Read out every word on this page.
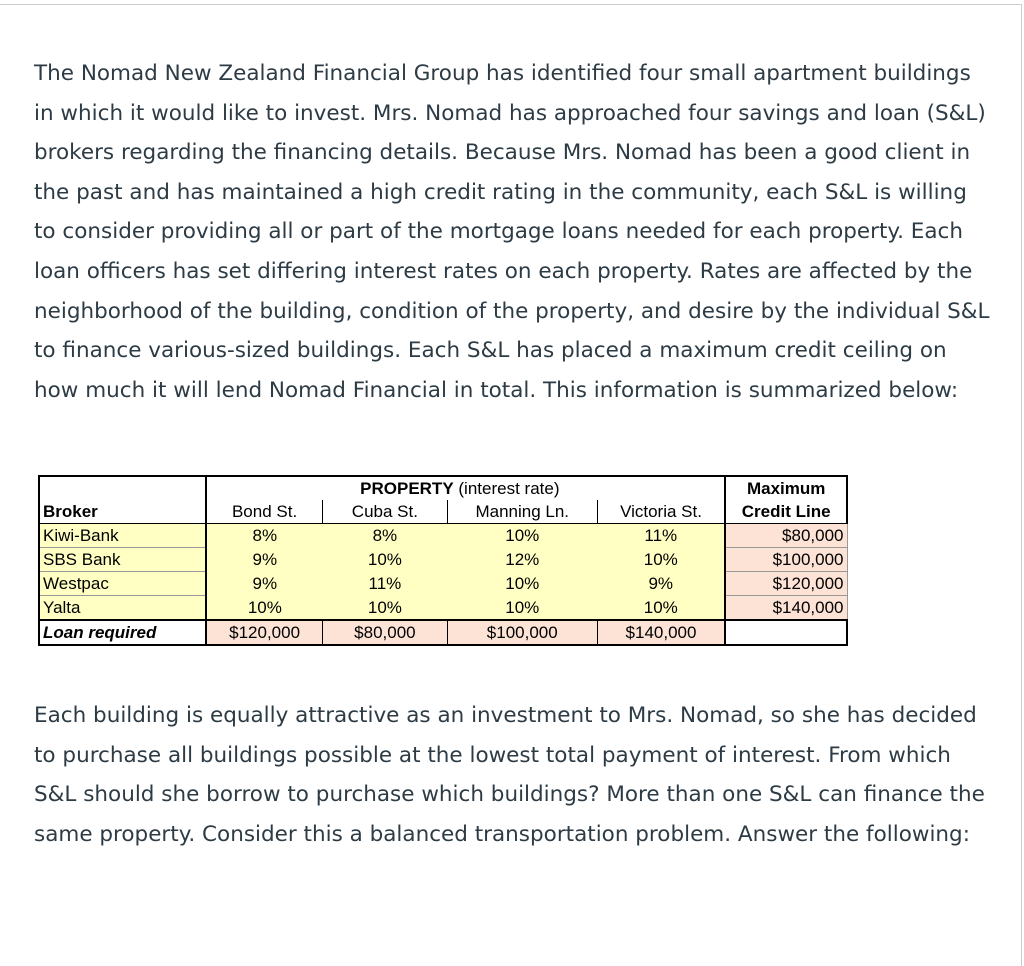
The Nomad New Zealand Financial Group has identified four small apartment buildings in which it would like to invest. Mrs. Nomad has approached four savings and loan (S&L) brokers regarding the financing details. Because Mrs. Nomad has been a good client in the past and has maintained a high credit rating in the community, each S&L is willing to consider providing all or part of the mortgage loans needed for each property. Each loan officers has set differing interest rates on each property. Rates are affected by the neighborhood of the building, condition of the property, and desire by the individual S&L to finance various-sized buildings. Each S&L has placed a maximum credit ceiling on how much it will lend Nomad Financial in total. This information is summarized below:

		PROPERTY (interest rate)			Maximum
Broker	Bond St.	Cuba St.	Manning Ln.	Victoria St.	Credit Line
Kiwi-Bank	8%	8%	10%	11%	$80,000
SBS Bank	9%	10%	12%	10%	$100,000
Westpac	9%	11%	10%	9%	$120,000
Yalta	10%	10%	10%	10%	$140,000
Loan required	$120,000	$80,000	$100,000	$140,000	

Each building is equally attractive as an investment to Mrs. Nomad, so she has decided to purchase all buildings possible at the lowest total payment of interest. From which S&L should she borrow to purchase which buildings? More than one S&L can finance the same property. Consider this a balanced transportation problem. Answer the following:
